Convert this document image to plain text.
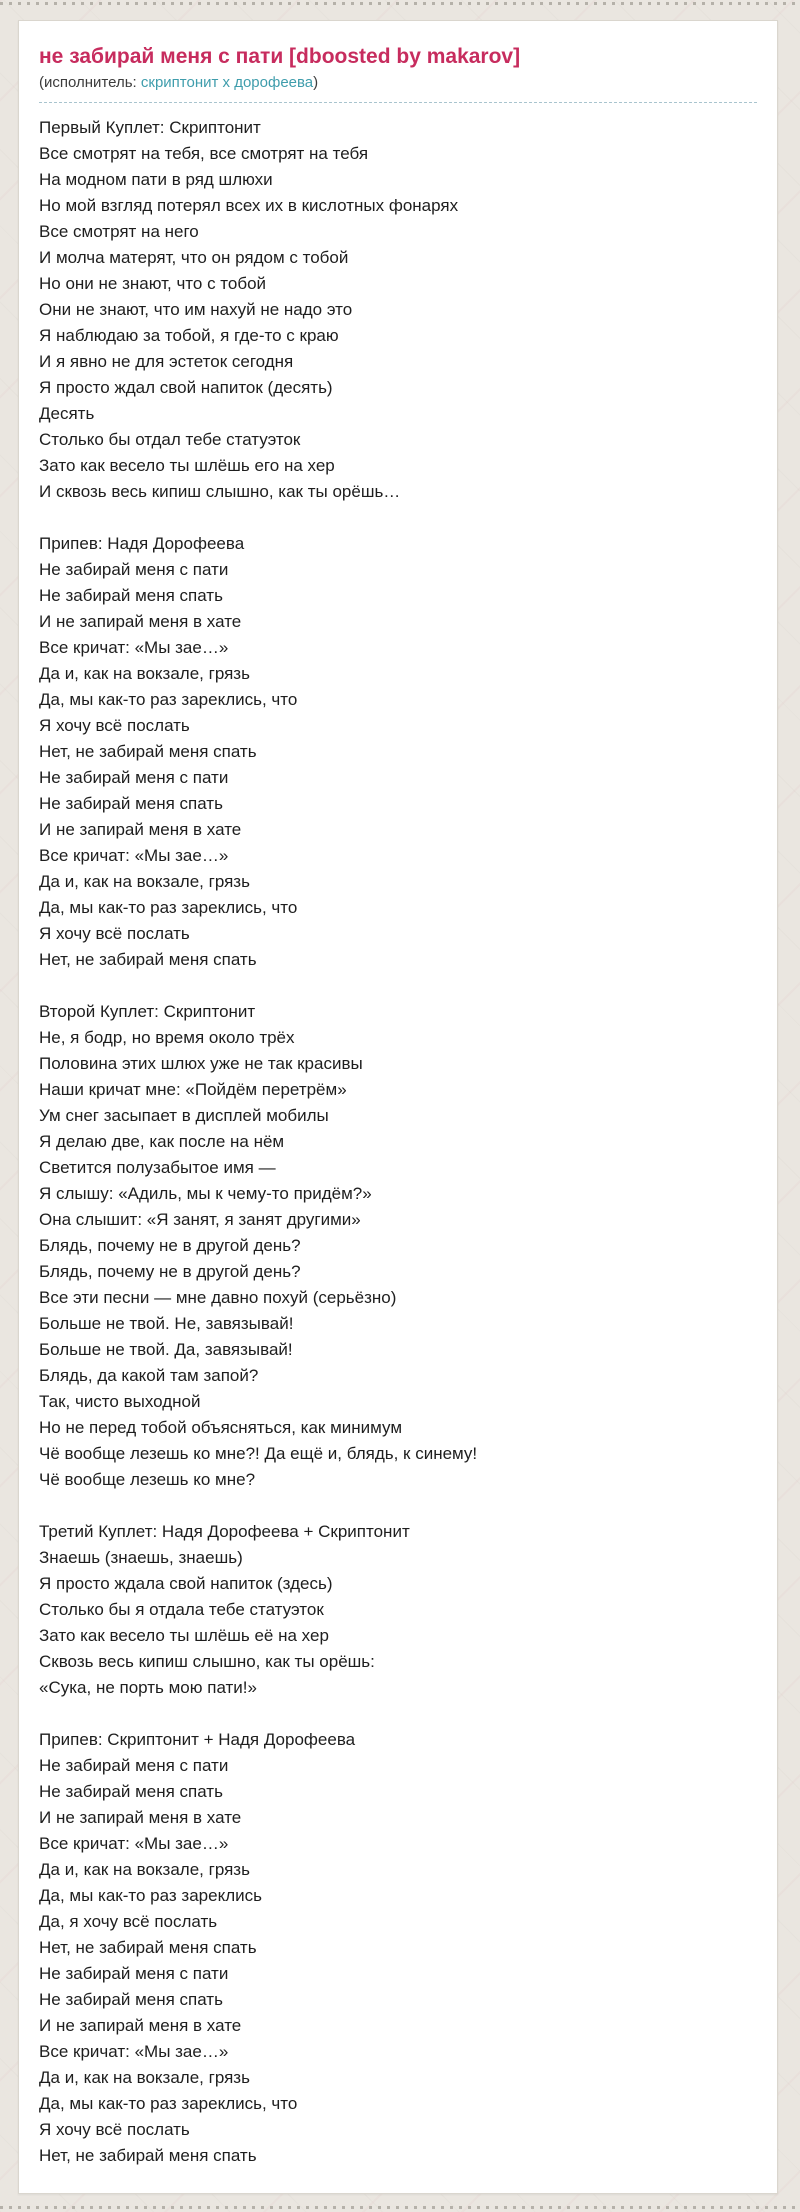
не забирай меня с пати [dboosted by makarov]
(исполнитель: скриптонит х дорофеева)
Первый Куплет: Скриптонит
Все смотрят на тебя, все смотрят на тебя
На модном пати в ряд шлюхи
Но мой взгляд потерял всех их в кислотных фонарях
Все смотрят на него
И молча матерят, что он рядом с тобой
Но они не знают, что с тобой
Они не знают, что им нахуй не надо это
Я наблюдаю за тобой, я где-то с краю
И я явно не для эстеток сегодня
Я просто ждал свой напиток (десять)
Десять
Столько бы отдал тебе статуэток
Зато как весело ты шлёшь его на хер
И сквозь весь кипиш слышно, как ты орёшь…
Припев: Надя Дорофеева
Не забирай меня с пати
Не забирай меня спать
И не запирай меня в хате
Все кричат: «Мы зае…»
Да и, как на вокзале, грязь
Да, мы как-то раз зареклись, что
Я хочу всё послать
Нет, не забирай меня спать
Не забирай меня с пати
Не забирай меня спать
И не запирай меня в хате
Все кричат: «Мы зае…»
Да и, как на вокзале, грязь
Да, мы как-то раз зареклись, что
Я хочу всё послать
Нет, не забирай меня спать
Второй Куплет: Скриптонит
Не, я бодр, но время около трёх
Половина этих шлюх уже не так красивы
Наши кричат мне: «Пойдём перетрём»
Ум снег засыпает в дисплей мобилы
Я делаю две, как после на нём
Светится полузабытое имя —
Я слышу: «Адиль, мы к чему-то придём?»
Она слышит: «Я занят, я занят другими»
Блядь, почему не в другой день?
Блядь, почему не в другой день?
Все эти песни — мне давно похуй (серьёзно)
Больше не твой. Не, завязывай!
Больше не твой. Да, завязывай!
Блядь, да какой там запой?
Так, чисто выходной
Но не перед тобой объясняться, как минимум
Чё вообще лезешь ко мне?! Да ещё и, блядь, к синему!
Чё вообще лезешь ко мне?
Третий Куплет: Надя Дорофеева + Скриптонит
Знаешь (знаешь, знаешь)
Я просто ждала свой напиток (здесь)
Столько бы я отдала тебе статуэток
Зато как весело ты шлёшь её на хер
Сквозь весь кипиш слышно, как ты орёшь:
«Сука, не порть мою пати!»
Припев: Скриптонит + Надя Дорофеева
Не забирай меня с пати
Не забирай меня спать
И не запирай меня в хате
Все кричат: «Мы зае…»
Да и, как на вокзале, грязь
Да, мы как-то раз зареклись
Да, я хочу всё послать
Нет, не забирай меня спать
Не забирай меня с пати
Не забирай меня спать
И не запирай меня в хате
Все кричат: «Мы зае…»
Да и, как на вокзале, грязь
Да, мы как-то раз зареклись, что
Я хочу всё послать
Нет, не забирай меня спать
